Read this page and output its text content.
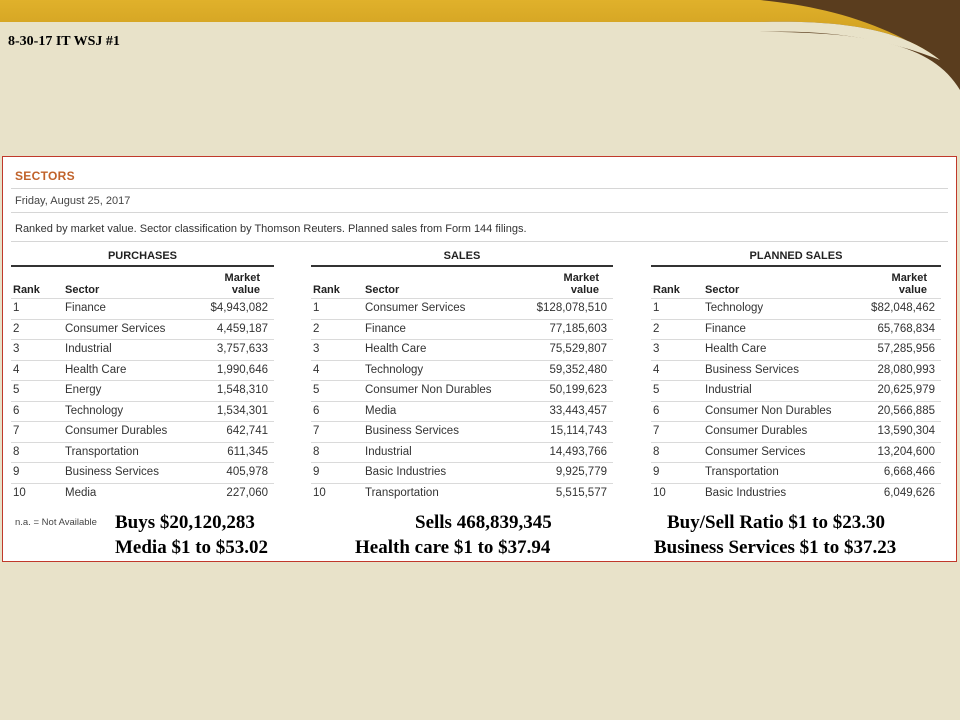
8-30-17 IT WSJ #1
SECTORS
Friday, August 25, 2017
Ranked by market value. Sector classification by Thomson Reuters. Planned sales from Form 144 filings.
PURCHASES
Rank Sector
Market
value
1	Finance	$4,943,082
2	Consumer Services	4,459,187
3	Industrial	3,757,633
4	Health Care	1,990,646
5	Energy	1,548,310
6	Technology	1,534,301
7	Consumer Durables	642,741
8	Transportation	611,345
9	Business Services	405,978
10	Media	227,060
SALES
Rank Sector
Market
value
1	Consumer Services	$128,078,510
2	Finance	77,185,603
3	Health Care	75,529,807
4	Technology	59,352,480
5	Consumer Non Durables	50,199,623
6	Media	33,443,457
7	Business Services	15,114,743
8	Industrial	14,493,766
9	Basic Industries	9,925,779
10	Transportation	5,515,577
PLANNED SALES
Rank Sector
Market
value
1	Technology	$82,048,462
2	Finance	65,768,834
3	Health Care	57,285,956
4	Business Services	28,080,993
5	Industrial	20,625,979
6	Consumer Non Durables	20,566,885
7	Consumer Durables	13,590,304
8	Consumer Services	13,204,600
9	Transportation	6,668,466
10	Basic Industries	6,049,626
n.a. = Not Available Buys $20,120,283
Media $1 to $53.02
Sells 468,839,345
Health care $1 to $37.94
Buy/Sell Ratio $1 to $23.30
Business Services $1 to $37.23
